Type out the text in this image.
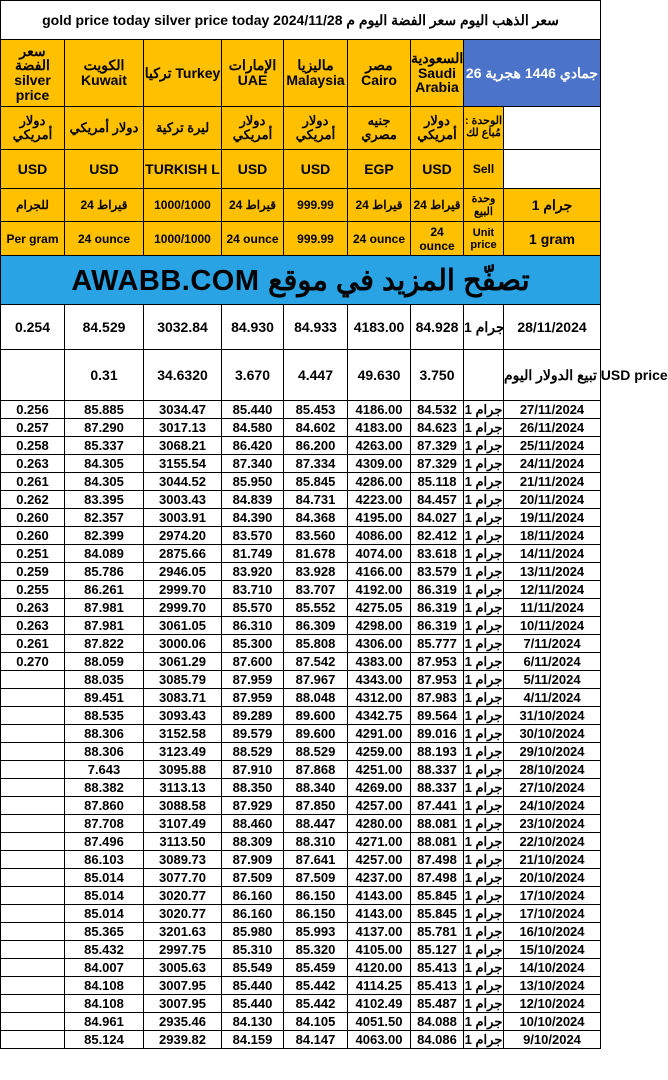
gold price today silver price today 2024/11/28 سعر الذهب اليوم سعر الفضة اليوم م								
سعر الفضة silver price	الكويت Kuwait	تركيا Turkey	الإمارات UAE	ماليزيا Malaysia	مصر Cairo	السعودية Saudi Arabia	26 جمادي 1446 هجرية	
دولار أمريكي	دولار أمريكي	ليرة تركية	دولار أمريكي	دولار أمريكي	جنيه مصري	دولار أمريكي	الوحدة : مُباع لك	
USD	USD	TURKISH L	USD	USD	EGP	USD	Sell	
للجرام	24 قيراط	1000/1000	24 قيراط	999.99	24 قيراط	24 قيراط	وحدة البيع	1 جرام
Per gram	24 ounce	1000/1000	24 ounce	999.99	24 ounce	24 ounce	Unit price	1 gram
AWABB.COM تصفّح المزيد في موقع								
0.254	84.529	3032.84	84.930	84.933	4183.00	84.928	1 جرام	28/11/2024
	0.31	34.6320	3.670	4.447	49.630	3.750		تبيع الدولار اليوم USD price
0.256	85.885	3034.47	85.440	85.453	4186.00	84.532	1 جرام	27/11/2024
0.257	87.290	3017.13	84.580	84.602	4183.00	84.623	1 جرام	26/11/2024
0.258	85.337	3068.21	86.420	86.200	4263.00	87.329	1 جرام	25/11/2024
0.263	84.305	3155.54	87.340	87.334	4309.00	87.329	1 جرام	24/11/2024
0.261	84.305	3044.52	85.950	85.845	4286.00	85.118	1 جرام	21/11/2024
0.262	83.395	3003.43	84.839	84.731	4223.00	84.457	1 جرام	20/11/2024
0.260	82.357	3003.91	84.390	84.368	4195.00	84.027	1 جرام	19/11/2024
0.260	82.399	2974.20	83.570	83.560	4086.00	82.412	1 جرام	18/11/2024
0.251	84.089	2875.66	81.749	81.678	4074.00	83.618	1 جرام	14/11/2024
0.259	85.786	2946.05	83.920	83.928	4166.00	83.579	1 جرام	13/11/2024
0.255	86.261	2999.70	83.710	83.707	4192.00	86.319	1 جرام	12/11/2024
0.263	87.981	2999.70	85.570	85.552	4275.05	86.319	1 جرام	11/11/2024
0.263	87.981	3061.05	86.310	86.309	4298.00	86.319	1 جرام	10/11/2024
0.261	87.822	3000.06	85.300	85.808	4306.00	85.777	1 جرام	7/11/2024
0.270	88.059	3061.29	87.600	87.542	4383.00	87.953	1 جرام	6/11/2024
	88.035	3085.79	87.959	87.967	4343.00	87.953	1 جرام	5/11/2024
	89.451	3083.71	87.959	88.048	4312.00	87.983	1 جرام	4/11/2024
	88.535	3093.43	89.289	89.600	4342.75	89.564	1 جرام	31/10/2024
	88.306	3152.58	89.579	89.600	4291.00	89.016	1 جرام	30/10/2024
	88.306	3123.49	88.529	88.529	4259.00	88.193	1 جرام	29/10/2024
	7.643	3095.88	87.910	87.868	4251.00	88.337	1 جرام	28/10/2024
	88.382	3113.13	88.350	88.340	4269.00	88.337	1 جرام	27/10/2024
	87.860	3088.58	87.929	87.850	4257.00	87.441	1 جرام	24/10/2024
	87.708	3107.49	88.460	88.447	4280.00	88.081	1 جرام	23/10/2024
	87.496	3113.50	88.309	88.310	4271.00	88.081	1 جرام	22/10/2024
	86.103	3089.73	87.909	87.641	4257.00	87.498	1 جرام	21/10/2024
	85.014	3077.70	87.509	87.509	4237.00	87.498	1 جرام	20/10/2024
	85.014	3020.77	86.160	86.150	4143.00	85.845	1 جرام	17/10/2024
	85.014	3020.77	86.160	86.150	4143.00	85.845	1 جرام	17/10/2024
	85.365	3201.63	85.980	85.993	4137.00	85.781	1 جرام	16/10/2024
	85.432	2997.75	85.310	85.320	4105.00	85.127	1 جرام	15/10/2024
	84.007	3005.63	85.549	85.459	4120.00	85.413	1 جرام	14/10/2024
	84.108	3007.95	85.440	85.442	4114.25	85.413	1 جرام	13/10/2024
	84.108	3007.95	85.440	85.442	4102.49	85.487	1 جرام	12/10/2024
	84.961	2935.46	84.130	84.105	4051.50	84.088	1 جرام	10/10/2024
	85.124	2939.82	84.159	84.147	4063.00	84.086	1 جرام	9/10/2024
